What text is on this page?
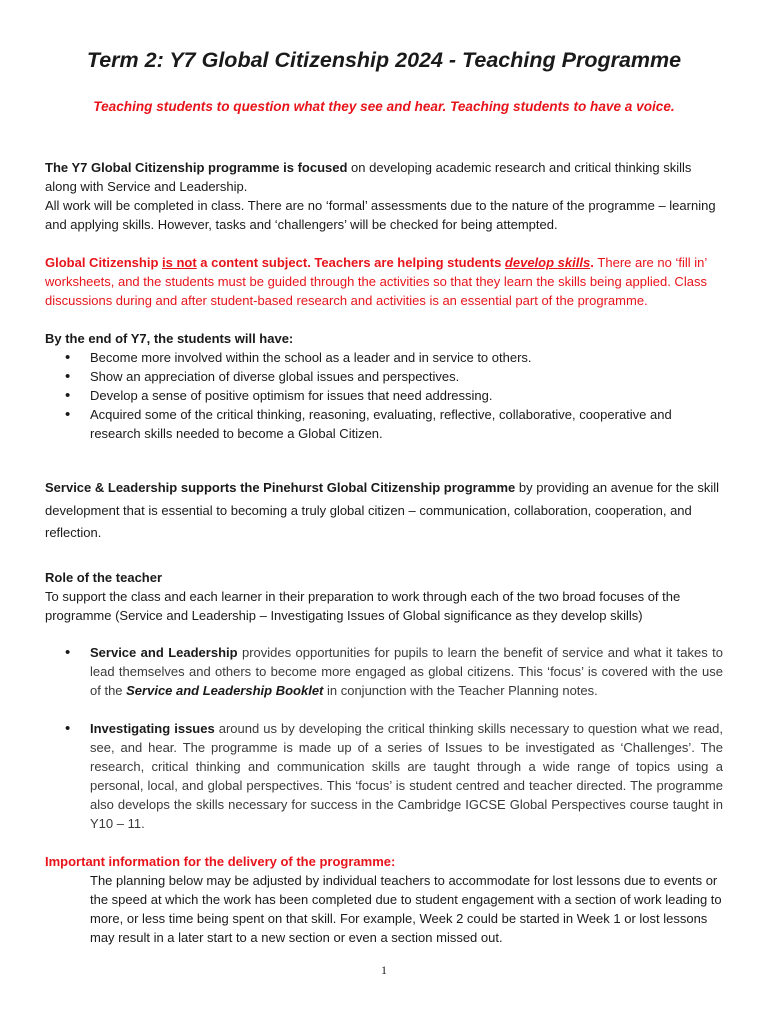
Term 2: Y7 Global Citizenship 2024 - Teaching Programme

Teaching students to question what they see and hear. Teaching students to have a voice.

The Y7 Global Citizenship programme is focused on developing academic research and critical thinking skills along with Service and Leadership.
All work will be completed in class. There are no ‘formal’ assessments due to the nature of the programme – learning and applying skills. However, tasks and ‘challengers’ will be checked for being attempted.

Global Citizenship is not a content subject. Teachers are helping students develop skills. There are no ‘fill in’ worksheets, and the students must be guided through the activities so that they learn the skills being applied. Class discussions during and after student-based research and activities is an essential part of the programme.

By the end of Y7, the students will have:

• Become more involved within the school as a leader and in service to others.
• Show an appreciation of diverse global issues and perspectives.
• Develop a sense of positive optimism for issues that need addressing.
• Acquired some of the critical thinking, reasoning, evaluating, reflective, collaborative, cooperative and research skills needed to become a Global Citizen.

Service & Leadership supports the Pinehurst Global Citizenship programme by providing an avenue for the skill development that is essential to becoming a truly global citizen – communication, collaboration, cooperation, and reflection.

Role of the teacher
To support the class and each learner in their preparation to work through each of the two broad focuses of the programme (Service and Leadership – Investigating Issues of Global significance as they develop skills)

• Service and Leadership provides opportunities for pupils to learn the benefit of service and what it takes to lead themselves and others to become more engaged as global citizens. This ‘focus’ is covered with the use of the Service and Leadership Booklet in conjunction with the Teacher Planning notes.
• Investigating issues around us by developing the critical thinking skills necessary to question what we read, see, and hear. The programme is made up of a series of Issues to be investigated as ‘Challenges’. The research, critical thinking and communication skills are taught through a wide range of topics using a personal, local, and global perspectives. This ‘focus’ is student centred and teacher directed. The programme also develops the skills necessary for success in the Cambridge IGCSE Global Perspectives course taught in Y10 – 11.

Important information for the delivery of the programme:

The planning below may be adjusted by individual teachers to accommodate for lost lessons due to events or the speed at which the work has been completed due to student engagement with a section of work leading to more, or less time being spent on that skill. For example, Week 2 could be started in Week 1 or lost lessons may result in a later start to a new section or even a section missed out.

1
